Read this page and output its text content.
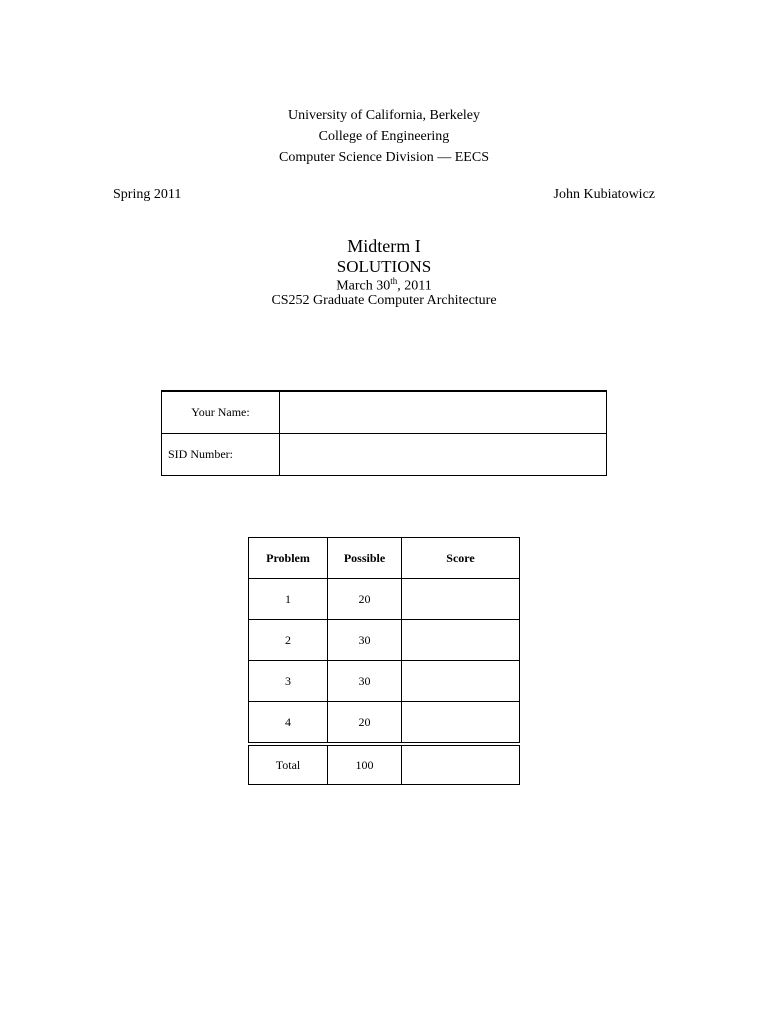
University of California, Berkeley
College of Engineering
Computer Science Division — EECS
Spring 2011	John Kubiatowicz
Midterm I
SOLUTIONS
March 30th, 2011
CS252 Graduate Computer Architecture
Your Name:	
SID Number:	
Problem	Possible	Score
1	20	
2	30	
3	30	
4	20	
Total	100	
